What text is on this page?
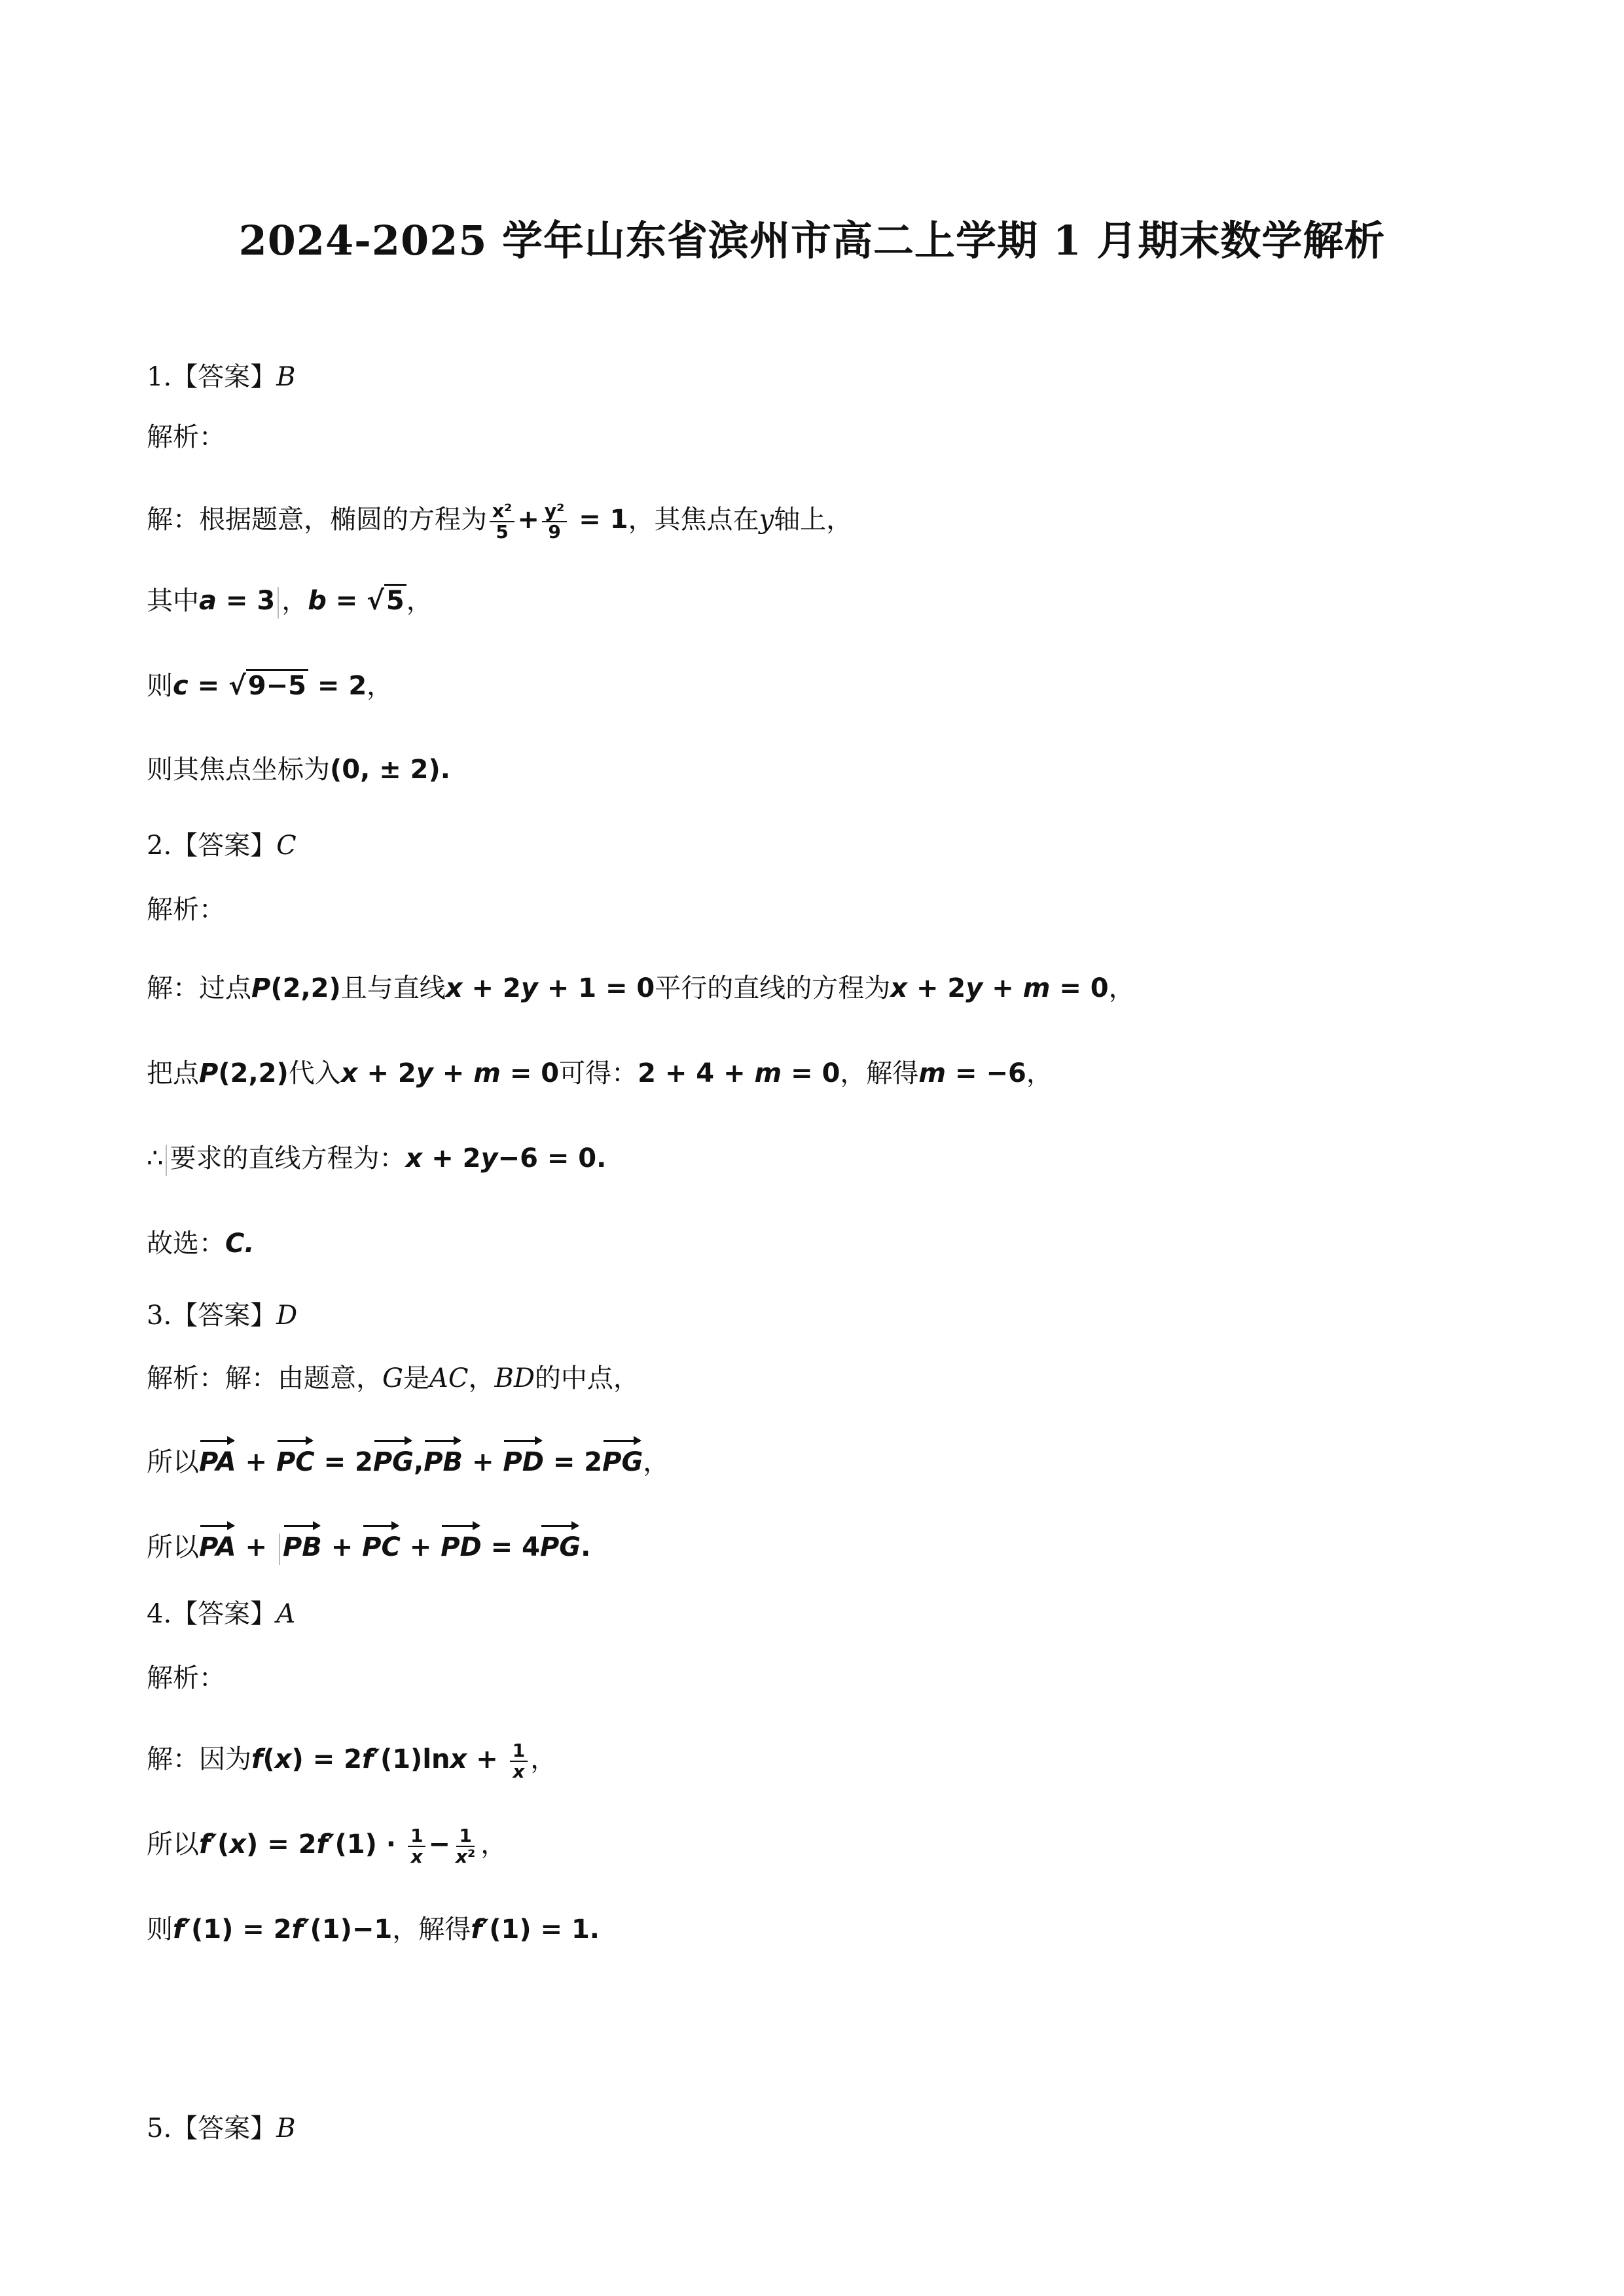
2024-2025 学年山东省滨州市高二上学期 1 月期末数学解析
1.【答案】B
解析：
解：根据题意，椭圆的方程为 $\frac{\text{x²}}{5} + \frac{\text{y²}}{9} = 1$，其焦点在y轴上，
其中a = 3 ，b = √5，
则c = √9−5 = 2，
则其焦点坐标为(0, ± 2).
2.【答案】C
解析：
解：过点P(2,2)且与直线x + 2y + 1 = 0平行的直线的方程为x + 2y + m = 0，
把点P(2,2)代入x + 2y + m = 0可得：2 + 4 + m = 0，解得m = −6，
∴ 要求的直线方程为：x + 2y−6 = 0.
故选：C.
3.【答案】D
解析：解：由题意，G是AC，BD的中点，
所以PA + PC = 2PG,PB + PD = 2PG，
所以PA + PB + PC + PD = 4PG.
4.【答案】A
解析：
解：因为$f(x) = 2f'(1)\ln x + \frac{1}{x}$ ，
所以$f'(x) = 2f'(1) \cdot \frac{1}{x} - \frac{1}{\text{x²}}$ ，
则f′(1) = 2f′(1)−1，解得f′(1) = 1.
5.【答案】B
